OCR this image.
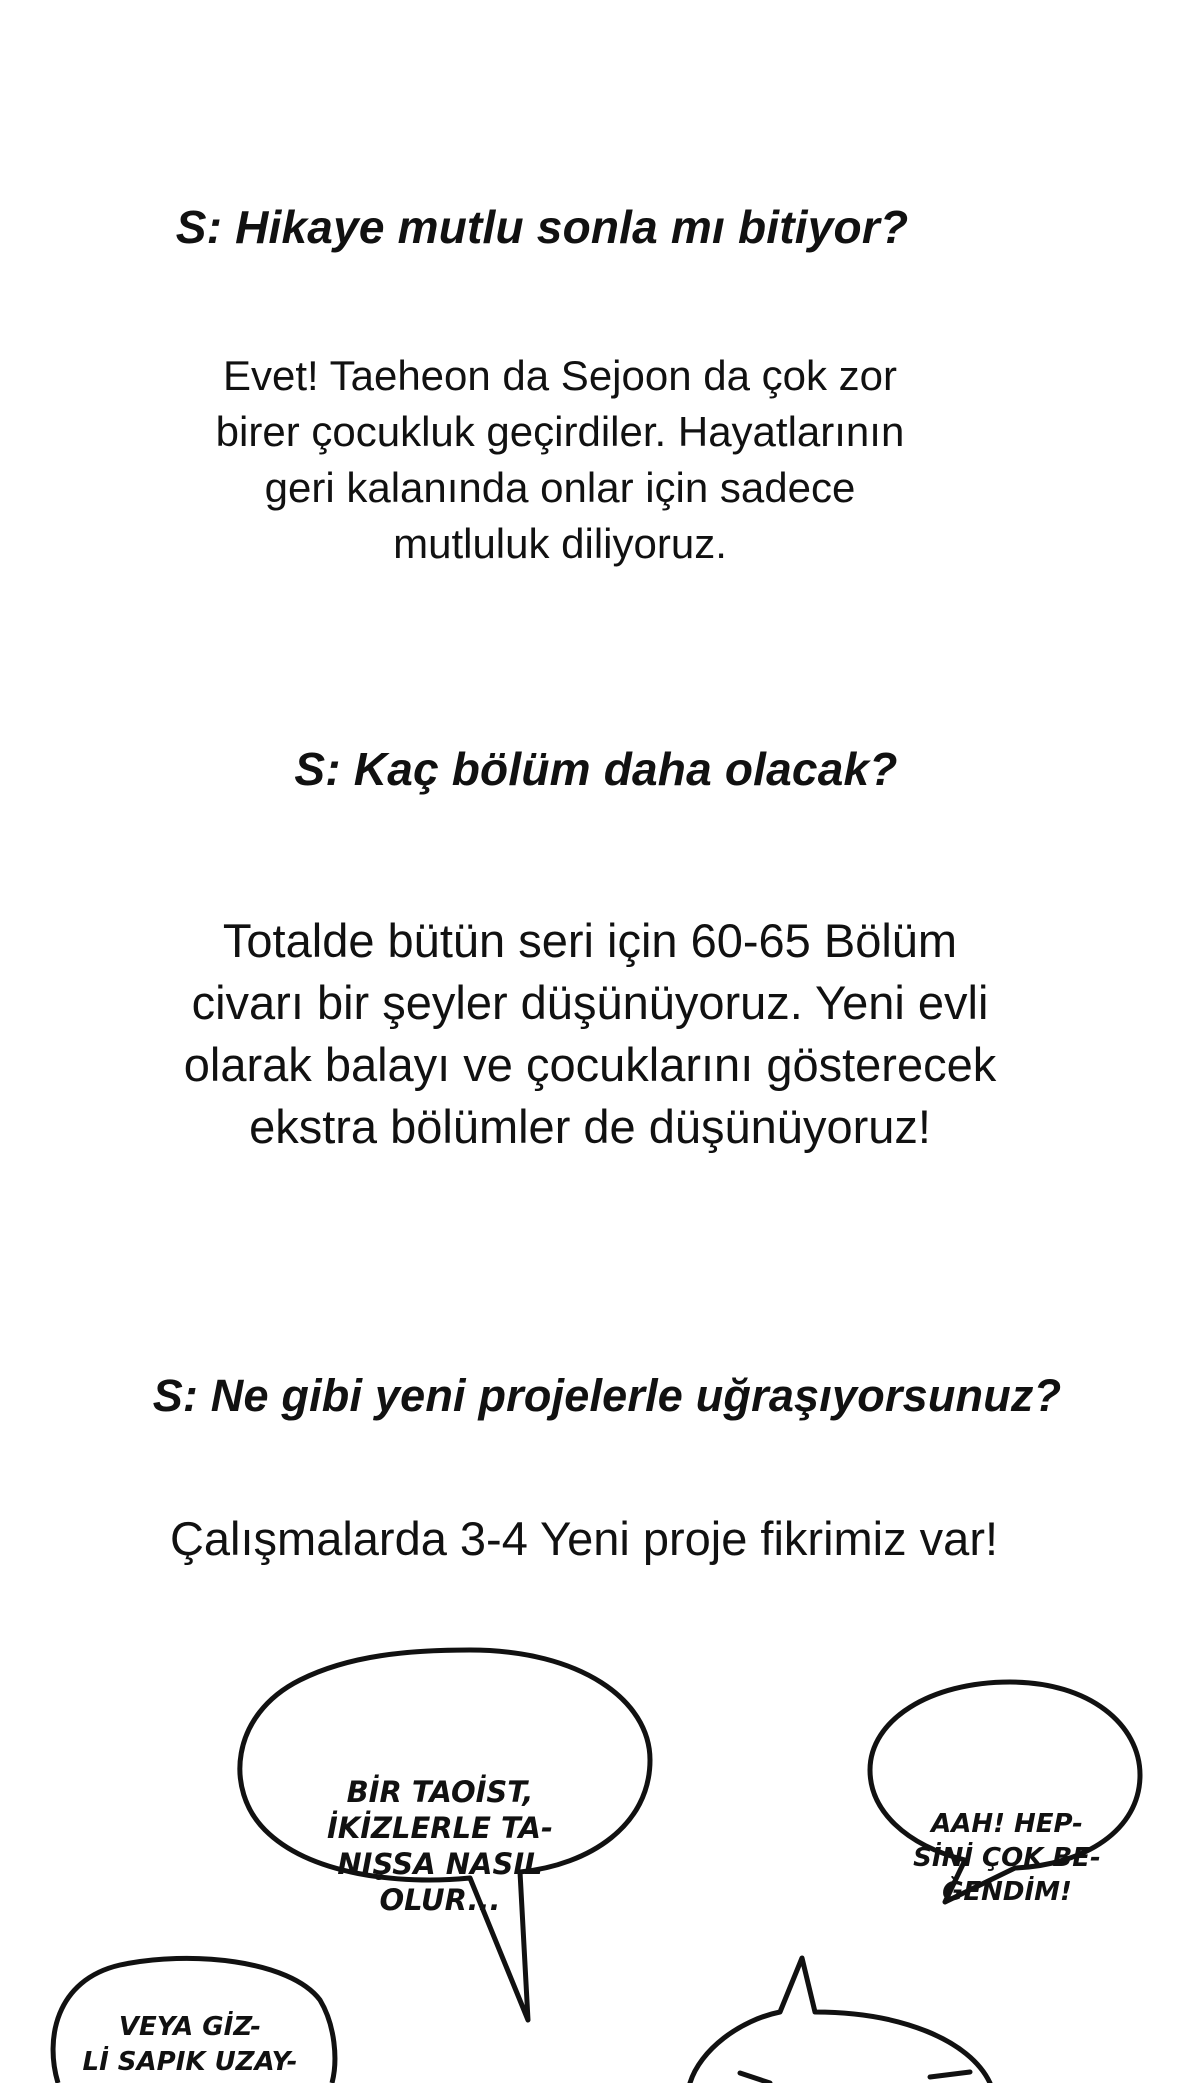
S: Hikaye mutlu sonla mı bitiyor?
Evet! Taeheon da Sejoon da çok zor
birer çocukluk geçirdiler. Hayatlarının
geri kalanında onlar için sadece
mutluluk diliyoruz.
S: Kaç bölüm daha olacak?
Totalde bütün seri için 60-65 Bölüm
civarı bir şeyler düşünüyoruz. Yeni evli
olarak balayı ve çocuklarını gösterecek
ekstra bölümler de düşünüyoruz!
S: Ne gibi yeni projelerle uğraşıyorsunuz?
Çalışmalarda 3-4 Yeni proje fikrimiz var!
BİR TAOİST,
İKİZLERLE TA-
NIŞSA NASIL
OLUR...
AAH! HEP-
SİNİ ÇOK BE-
ĞENDİM!
VEYA GİZ-
Lİ SAPIK UZAY-
